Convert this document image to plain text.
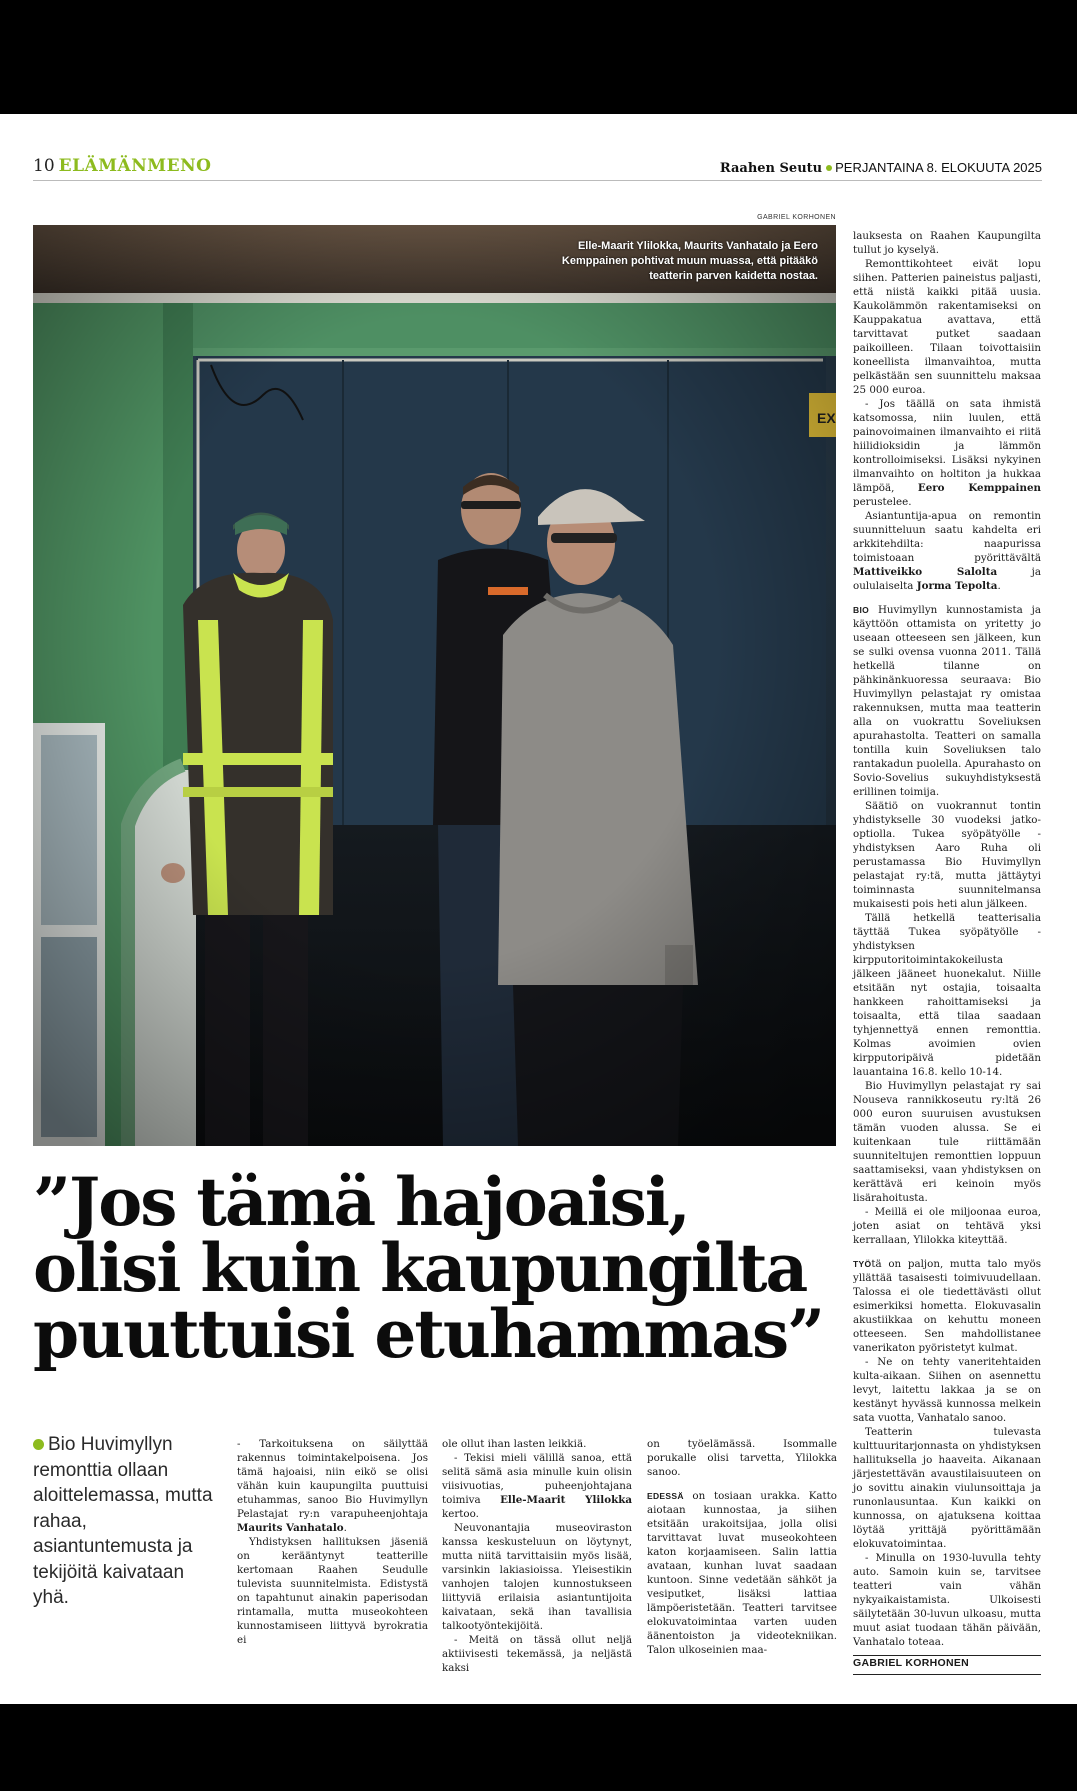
10 ELÄMÄNMENO	Raahen Seutu PERJANTAINA 8. ELOKUUTA 2025
GABRIEL KORHONEN
Elle-Maarit Ylilokka, Maurits Vanhatalo ja Eero Kemppainen pohtivat muun muassa, että pitääkö teatterin parven kaidetta nostaa.
”Jos tämä hajoaisi,
olisi kuin kaupungilta
puuttuisi etuhammas”
Bio Huvimyllyn remonttia ollaan aloittelemassa, mutta rahaa, asiantuntemusta ja tekijöitä kaivataan yhä.

- Tarkoituksena on säilyttää rakennus toimintakelpoisena. Jos tämä hajoaisi, niin eikö se olisi vähän kuin kaupungilta puuttuisi etuhammas, sanoo Bio Huvimyllyn Pelastajat ry:n varapuheenjohtaja Maurits Vanhatalo.

Yhdistyksen hallituksen jäseniä on kerääntynyt teatterille kertomaan Raahen Seudulle tulevista suunnitelmista. Edistystä on tapahtunut ainakin paperisodan rintamalla, mutta museokohteen kunnostamiseen liittyvä byrokratia ei

ole ollut ihan lasten leikkiä.

- Tekisi mieli välillä sanoa, että selitä sämä asia minulle kuin olisin viisivuotias, puheenjohtajana toimiva Elle-Maarit Ylilokka kertoo.

Neuvonantajia museoviraston kanssa keskusteluun on löytynyt, mutta niitä tarvittaisiin myös lisää, varsinkin lakiasioissa. Yleisestikin vanhojen talojen kunnostukseen liittyviä erilaisia asiantuntijoita kaivataan, sekä ihan tavallisia talkootyöntekijöitä.

- Meitä on tässä ollut neljä aktiivisesti tekemässä, ja neljästä kaksi

on työelämässä. Isommalle porukalle olisi tarvetta, Ylilokka sanoo.

EDESSÄ on tosiaan urakka. Katto aiotaan kunnostaa, ja siihen etsitään urakoitsijaa, jolla olisi tarvittavat luvat museokohteen katon korjaamiseen. Salin lattia avataan, kunhan luvat saadaan kuntoon. Sinne vedetään sähköt ja vesiputket, lisäksi lattiaa lämpöeristetään. Teatteri tarvitsee elokuvatoimintaa varten uuden äänentoiston ja videotekniikan. Talon ulkoseinien maa-

lauksesta on Raahen Kaupungilta tullut jo kyselyä.

Remonttikohteet eivät lopu siihen. Patterien paineistus paljasti, että niistä kaikki pitää uusia. Kaukolämmön rakentamiseksi on Kauppakatua avattava, että tarvittavat putket saadaan paikoilleen. Tilaan toivottaisiin koneellista ilmanvaihtoa, mutta pelkästään sen suunnittelu maksaa 25 000 euroa.

- Jos täällä on sata ihmistä katsomossa, niin luulen, että painovoimainen ilmanvaihto ei riitä hiilidioksidin ja lämmön kontrolloimiseksi. Lisäksi nykyinen ilmanvaihto on holtiton ja hukkaa lämpöä, Eero Kemppainen perustelee.

Asiantuntija-apua on remontin suunnitteluun saatu kahdelta eri arkkitehdilta: naapurissa toimistoaan pyörittävältä Mattiveikko Salolta ja oululaiselta Jorma Tepolta.

BIO Huvimyllyn kunnostamista ja käyttöön ottamista on yritetty jo useaan otteeseen sen jälkeen, kun se sulki ovensa vuonna 2011. Tällä hetkellä tilanne on pähkinänkuoressa seuraava: Bio Huvimyllyn pelastajat ry omistaa rakennuksen, mutta maa teatterin alla on vuokrattu Soveliuksen apurahastolta. Teatteri on samalla tontilla kuin Soveliuksen talo rantakadun puolella. Apurahasto on Sovio-Sovelius sukuyhdistyksestä erillinen toimija.

Säätiö on vuokrannut tontin yhdistykselle 30 vuodeksi jatko-optiolla. Tukea syöpätyölle -yhdistyksen Aaro Ruha oli perustamassa Bio Huvimyllyn pelastajat ry:tä, mutta jättäytyi toiminnasta suunnitelmansa mukaisesti pois heti alun jälkeen.

Tällä hetkellä teatterisalia täyttää Tukea syöpätyölle -yhdistyksen kirpputoritoimintakokeilusta jälkeen jääneet huonekalut. Niille etsitään nyt ostajia, toisaalta hankkeen rahoittamiseksi ja toisaalta, että tilaa saadaan tyhjennettyä ennen remonttia. Kolmas avoimien ovien kirpputoripäivä pidetään lauantaina 16.8. kello 10-14.

Bio Huvimyllyn pelastajat ry sai Nouseva rannikkoseutu ry:ltä 26 000 euron suuruisen avustuksen tämän vuoden alussa. Se ei kuitenkaan tule riittämään suunniteltujen remonttien loppuun saattamiseksi, vaan yhdistyksen on kerättävä eri keinoin myös lisärahoitusta.

- Meillä ei ole miljoonaa euroa, joten asiat on tehtävä yksi kerrallaan, Ylilokka kiteyttää.

TYÖtä on paljon, mutta talo myös yllättää tasaisesti toimivuudellaan. Talossa ei ole tiedettävästi ollut esimerkiksi hometta. Elokuvasalin akustiikkaa on kehuttu moneen otteeseen. Sen mahdollistanee vanerikaton pyöristetyt kulmat.

- Ne on tehty vaneritehtaiden kulta-aikaan. Siihen on asennettu levyt, laitettu lakkaa ja se on kestänyt hyvässä kunnossa melkein sata vuotta, Vanhatalo sanoo.

Teatterin tulevasta kulttuuritarjonnasta on yhdistyksen hallituksella jo haaveita. Aikanaan järjestettävän avaustilaisuuteen on jo sovittu ainakin viulunsoittaja ja runonlausuntaa. Kun kaikki on kunnossa, on ajatuksena koittaa löytää yrittäjä pyörittämään elokuvatoimintaa.

- Minulla on 1930-luvulla tehty auto. Samoin kuin se, tarvitsee teatteri vain vähän nykyaikaistamista. Ulkoisesti säilytetään 30-luvun ulkoasu, mutta muut asiat tuodaan tähän päivään, Vanhatalo toteaa.

GABRIEL KORHONEN
